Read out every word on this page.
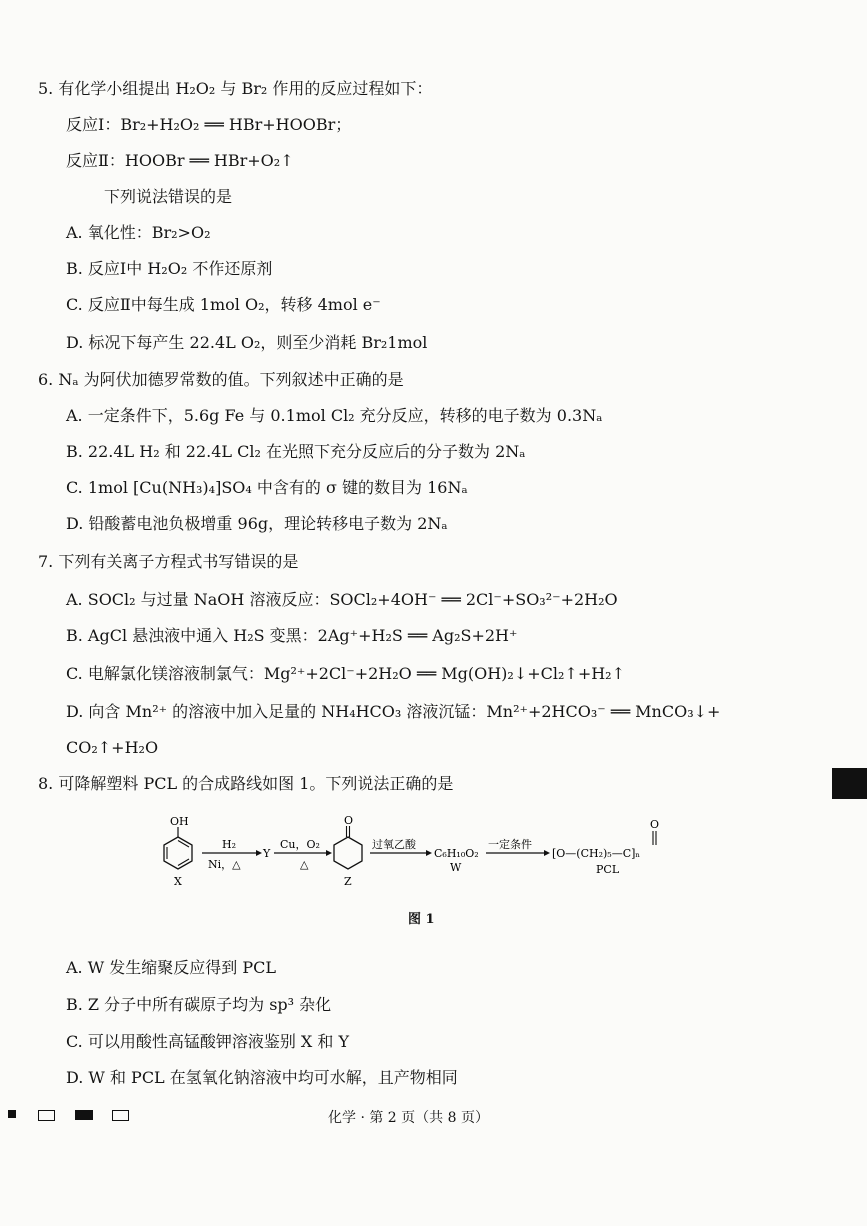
5. 有化学小组提出 H₂O₂ 与 Br₂ 作用的反应过程如下：
反应Ⅰ：Br₂+H₂O₂ ══ HBr+HOOBr；
反应Ⅱ：HOOBr ══ HBr+O₂↑
下列说法错误的是
A. 氧化性：Br₂>O₂
B. 反应Ⅰ中 H₂O₂ 不作还原剂
C. 反应Ⅱ中每生成 1mol O₂，转移 4mol e⁻
D. 标况下每产生 22.4L O₂，则至少消耗 Br₂1mol
6. Nₐ 为阿伏加德罗常数的值。下列叙述中正确的是
A. 一定条件下，5.6g Fe 与 0.1mol Cl₂ 充分反应，转移的电子数为 0.3Nₐ
B. 22.4L H₂ 和 22.4L Cl₂ 在光照下充分反应后的分子数为 2Nₐ
C. 1mol [Cu(NH₃)₄]SO₄ 中含有的 σ 键的数目为 16Nₐ
D. 铅酸蓄电池负极增重 96g，理论转移电子数为 2Nₐ
7. 下列有关离子方程式书写错误的是
A. SOCl₂ 与过量 NaOH 溶液反应：SOCl₂+4OH⁻ ══ 2Cl⁻+SO₃²⁻+2H₂O
B. AgCl 悬浊液中通入 H₂S 变黑：2Ag⁺+H₂S ══ Ag₂S+2H⁺
C. 电解氯化镁溶液制氯气：Mg²⁺+2Cl⁻+2H₂O ══ Mg(OH)₂↓+Cl₂↑+H₂↑
D. 向含 Mn²⁺ 的溶液中加入足量的 NH₄HCO₃ 溶液沉锰：Mn²⁺+2HCO₃⁻ ══ MnCO₃↓+
CO₂↑+H₂O
8. 可降解塑料 PCL 的合成路线如图 1。下列说法正确的是
OH
X
H₂
Ni，△
Y
Cu，O₂
△
O
Z
过氧乙酸
C₆H₁₀O₂
W
一定条件
[O—(CH₂)₅—C]ₙ
O
PCL
图 1
A. W 发生缩聚反应得到 PCL
B. Z 分子中所有碳原子均为 sp³ 杂化
C. 可以用酸性高锰酸钾溶液鉴别 X 和 Y
D. W 和 PCL 在氢氧化钠溶液中均可水解，且产物相同
化学 · 第 2 页（共 8 页）
